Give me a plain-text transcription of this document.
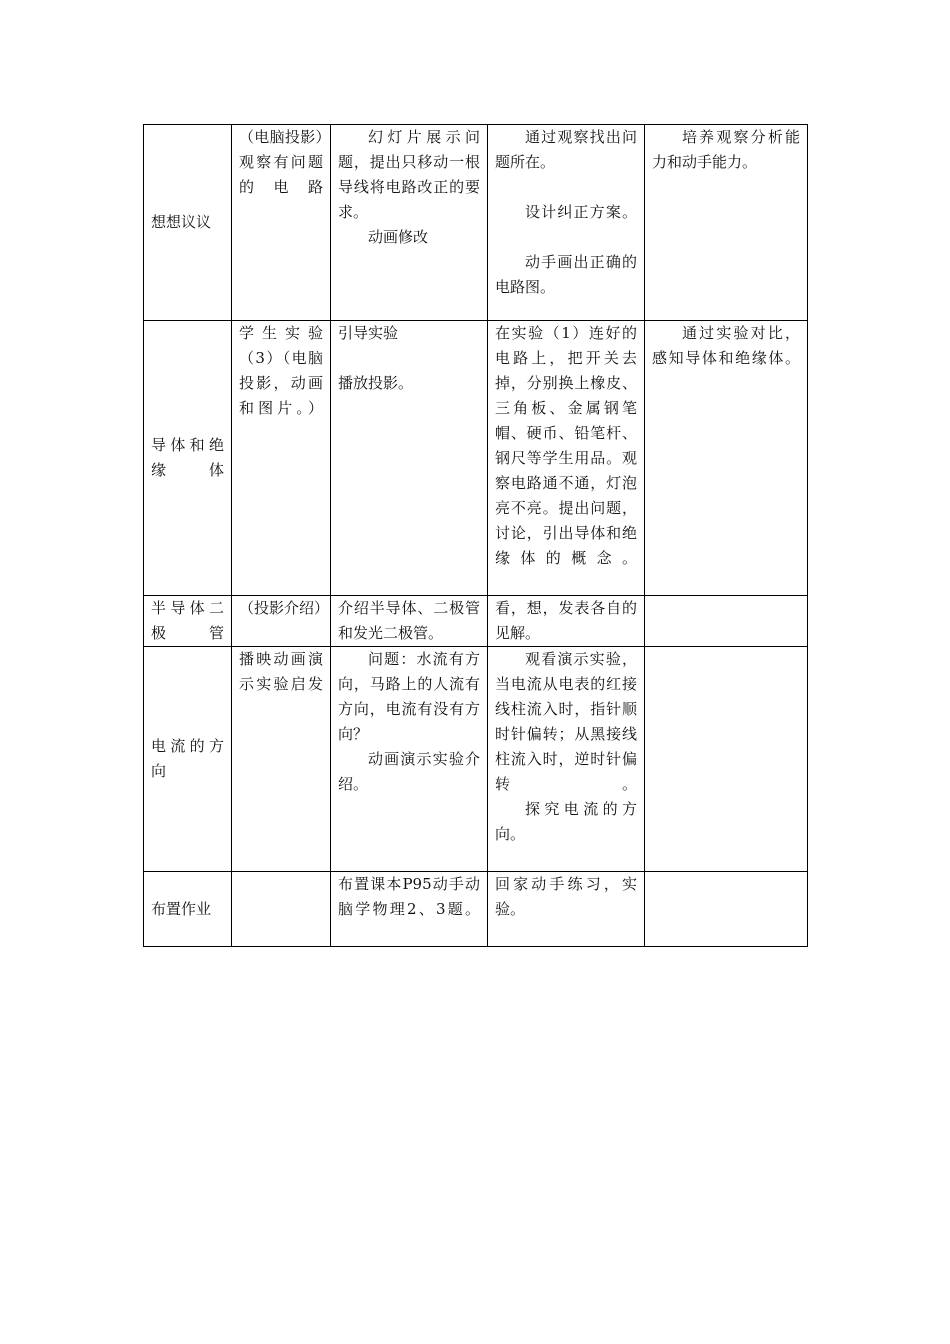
想想议议	（电脑投影）观察有问题的电路	幻灯片展示问题，提出只移动一根导线将电路改正的要求。
动画修改	通过观察找出问题所在。
设计纠正方案。
动手画出正确的电路图。	培养观察分析能力和动手能力。

导体和绝缘体	学生实验（3）（电脑投影，动画和图片。）	引导实验
播放投影。	在实验（1）连好的电路上，把开关去掉，分别换上橡皮、三角板、金属钢笔帽、硬币、铅笔杆、钢尺等学生用品。观察电路通不通，灯泡亮不亮。提出问题，讨论，引出导体和绝缘体的概念。	通过实验对比，感知导体和绝缘体。

半导体二极管	（投影介绍）	介绍半导体、二极管和发光二极管。	看，想，发表各自的见解。	

电流的方向	播映动画演示实验启发	问题：水流有方向，马路上的人流有方向，电流有没有方向？
动画演示实验介绍。	观看演示实验，当电流从电表的红接线柱流入时，指针顺时针偏转；从黑接线柱流入时，逆时针偏转。
探究电流的方向。	

布置作业		布置课本P95动手动脑学物理2、3题。	回家动手练习，实验。	
